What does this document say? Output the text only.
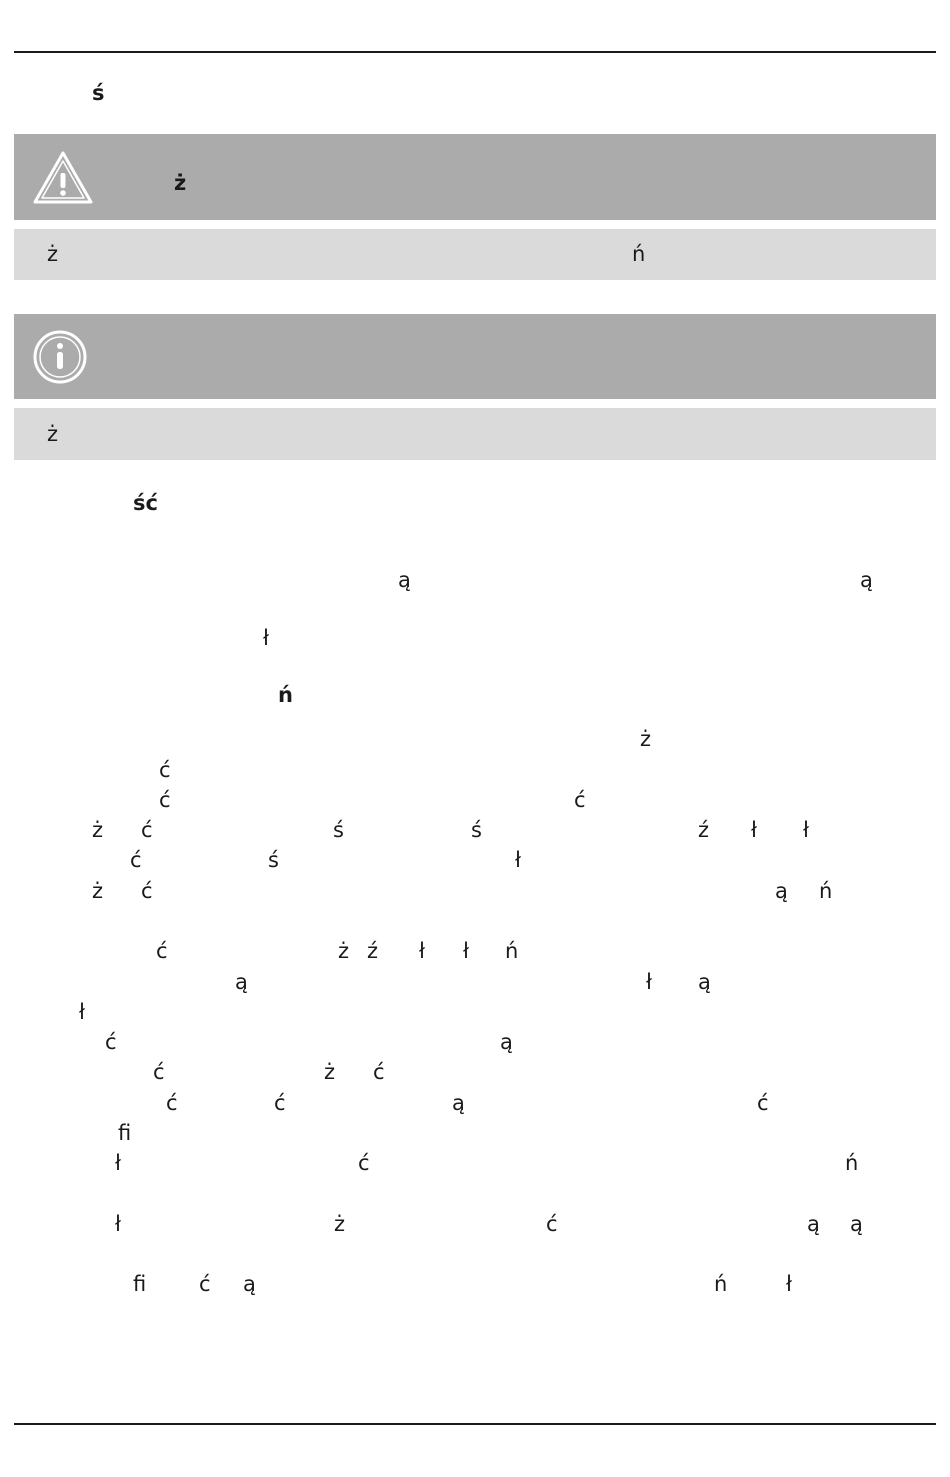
ś
ż
ść
ń
ą	ą
ł
ż
ć
ć	ć
ż ć	ś	ś	ź ł ł
ć	ś	ł
ż ć	ą ń
ć	ż ź ł ł ń
ą	ł ą
ł
ć	ą
ć	ż ć
ć	ć	ą	ć
fi
ł	ć	ń
ł	ż	ć	ą ą
fi	ć ą	ń	ł
ż	ń
ż
